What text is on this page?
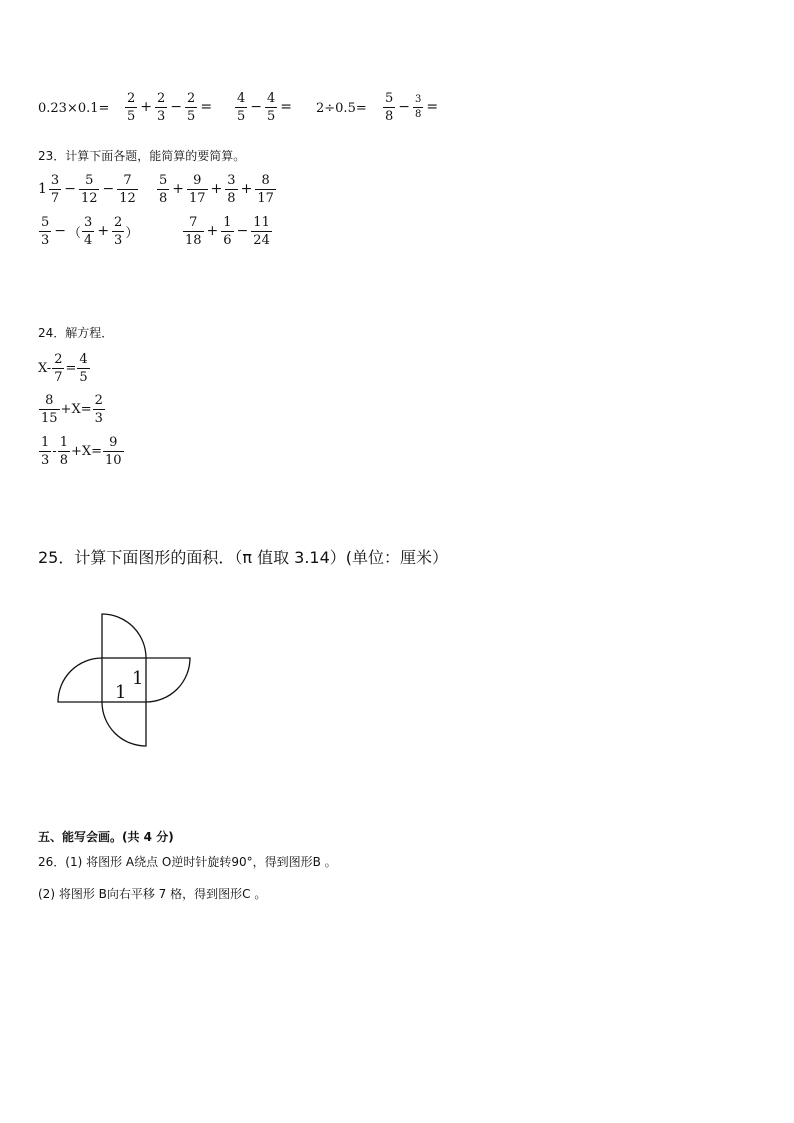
$0.23\times 0.1= \frac{2}{5} + \frac{2}{3} - \frac{2}{5} = \frac{4}{5} - \frac{4}{5} = 2\div 0.5= \frac{5}{8} - \frac{3}{8}$ =
23．计算下面各题，能简算的要简算。
$1 \frac{3}{7} - \frac{5}{12} - \frac{7}{12} \frac{5}{8} + \frac{9}{17} + \frac{3}{8} + \frac{8}{17}$
$\frac{5}{3}$ − （ $\frac{3}{4} + \frac{2}{3}$ ）	$\frac{7}{18} + \frac{1}{6} - \frac{11}{24}$
24．解方程．
$X- \frac{2}{7} = \frac{4}{5}$
$\frac{8}{15} +X= \frac{2}{3}$
$\frac{1}{3} - \frac{1}{8} +X= \frac{9}{10}$
25．计算下面图形的面积．（π 值取 3.14）(单位：厘米）
1
1
五、能写会画。(共 4 分)
26．(1) 将图形 A绕点 O逆时针旋转90°，得到图形B 。
(2) 将图形 B向右平移 7 格，得到图形C 。
